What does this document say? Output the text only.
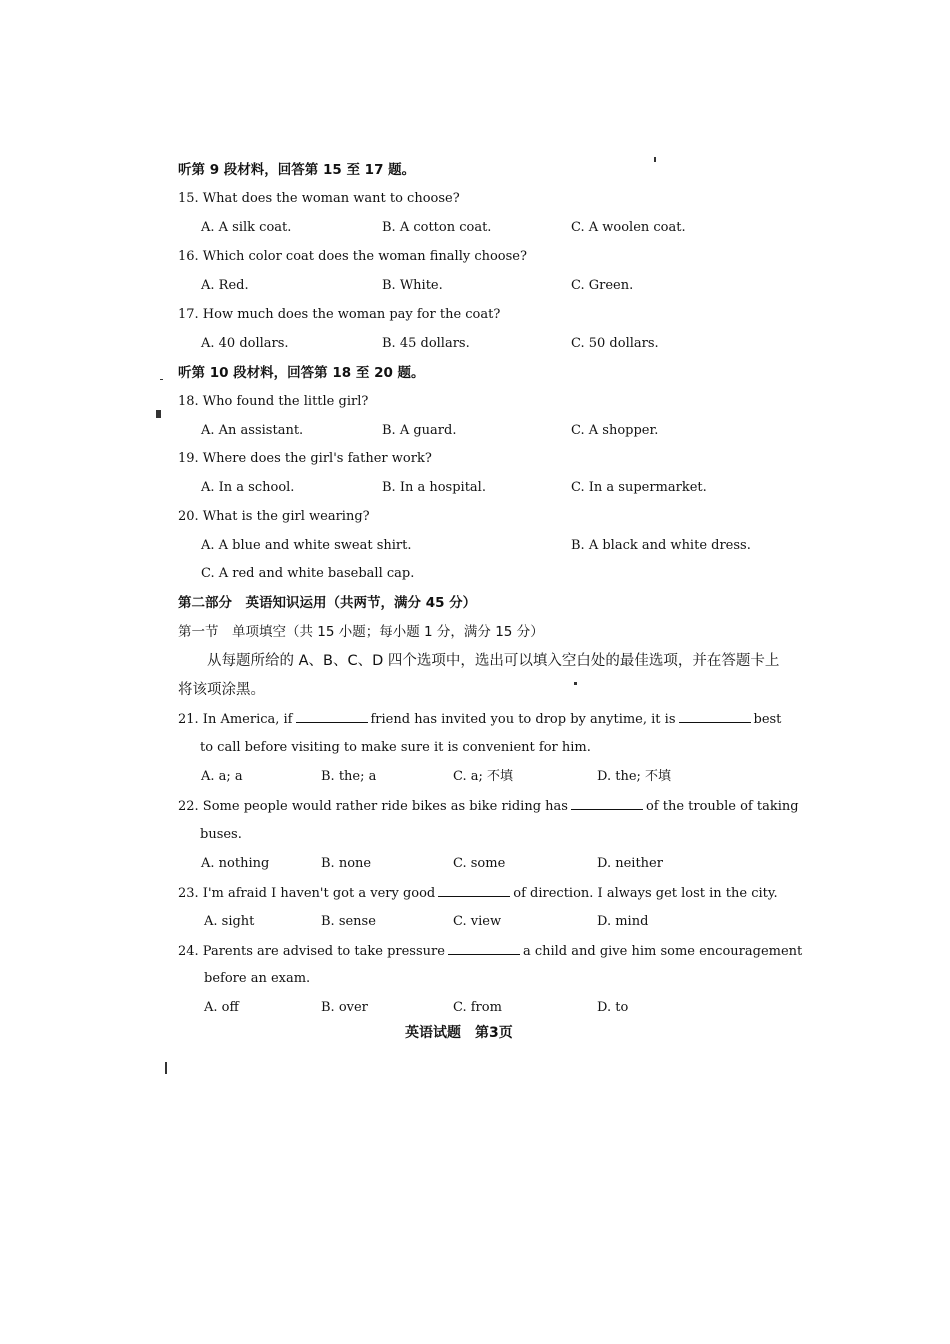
听第 9 段材料，回答第 15 至 17 题。
15. What does the woman want to choose?
A. A silk coat.	B. A cotton coat.	C. A woolen coat.
16. Which color coat does the woman finally choose?
A. Red.	B. White.	C. Green.
17. How much does the woman pay for the coat?
A. 40 dollars.	B. 45 dollars.	C. 50 dollars.
听第 10 段材料，回答第 18 至 20 题。
18. Who found the little girl?
A. An assistant.	B. A guard.	C. A shopper.
19. Where does the girl's father work?
A. In a school.	B. In a hospital.	C. In a supermarket.
20. What is the girl wearing?
A. A blue and white sweat shirt.	B. A black and white dress.
C. A red and white baseball cap.
第二部分　英语知识运用（共两节，满分 45 分）
第一节　单项填空（共 15 小题；每小题 1 分，满分 15 分）
从每题所给的 A、B、C、D 四个选项中，选出可以填入空白处的最佳选项，并在答题卡上
将该项涂黑。
21. In America, if	friend has invited you to drop by anytime, it is	best
to call before visiting to make sure it is convenient for him.
A. a; a	B. the; a	C. a; 不填	D. the; 不填
22. Some people would rather ride bikes as bike riding has	of the trouble of taking
buses.
A. nothing	B. none	C. some	D. neither
23. I'm afraid I haven't got a very good	of direction. I always get lost in the city.
A. sight	B. sense	C. view	D. mind
24. Parents are advised to take pressure	a child and give him some encouragement
before an exam.
A. off	B. over	C. from	D. to
英语试题　第3页
